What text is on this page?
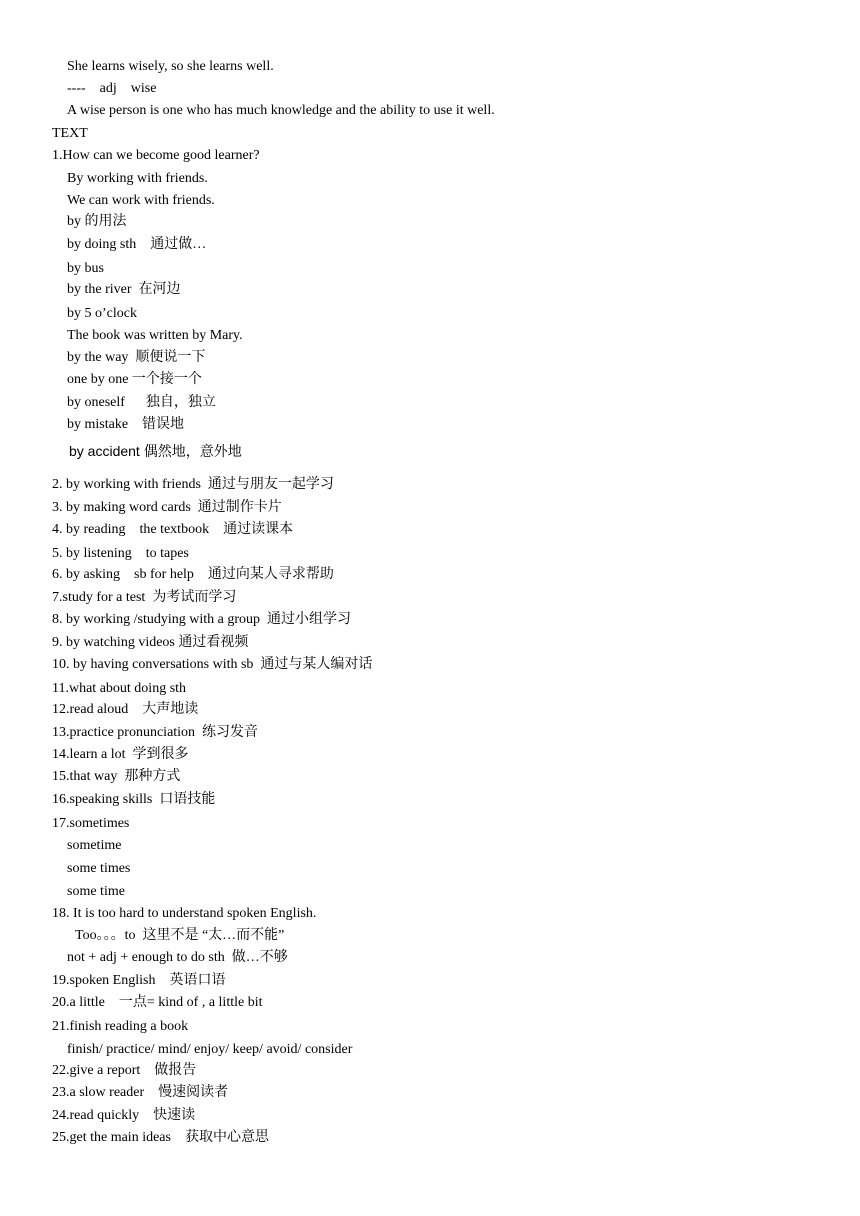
She learns wisely, so she learns well.
----    adj    wise
A wise person is one who has much knowledge and the ability to use it well.
TEXT
1.How can we become good learner?
By working with friends.
We can work with friends.
by 的用法
by doing sth    通过做…
by bus
by the river  在河边
by 5 o’clock
The book was written by Mary.
by the way  顺便说一下
one by one 一个接一个
by oneself      独自，独立
by mistake    错误地
by accident 偶然地，意外地
2. by working with friends  通过与朋友一起学习
3. by making word cards  通过制作卡片
4. by reading    the textbook    通过读课本
5. by listening    to tapes
6. by asking    sb for help    通过向某人寻求帮助
7.study for a test  为考试而学习
8. by working /studying with a group  通过小组学习
9. by watching videos 通过看视频
10. by having conversations with sb  通过与某人编对话
11.what about doing sth
12.read aloud    大声地读
13.practice pronunciation  练习发音
14.learn a lot  学到很多
15.that way  那种方式
16.speaking skills  口语技能
17.sometimes
sometime
some times
some time
18. It is too hard to understand spoken English.
Too。。。to  这里不是 “太…而不能”
not + adj + enough to do sth  做…不够
19.spoken English    英语口语
20.a little    一点= kind of , a little bit
21.finish reading a book
finish/ practice/ mind/ enjoy/ keep/ avoid/ consider
22.give a report    做报告
23.a slow reader    慢速阅读者
24.read quickly    快速读
25.get the main ideas    获取中心意思
